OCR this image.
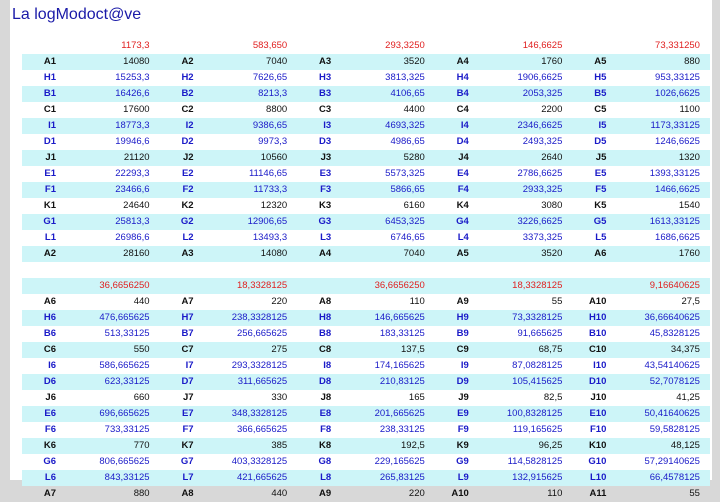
La logModoct@ve
1173,3	583,650	293,3250	146,6625	73,331250
A1	14080	A2	7040	A3	3520	A4	1760	A5	880
H1	15253,3	H2	7626,65	H3	3813,325	H4	1906,6625	H5	953,33125
B1	16426,6	B2	8213,3	B3	4106,65	B4	2053,325	B5	1026,6625
C1	17600	C2	8800	C3	4400	C4	2200	C5	1100
I1	18773,3	I2	9386,65	I3	4693,325	I4	2346,6625	I5	1173,33125
D1	19946,6	D2	9973,3	D3	4986,65	D4	2493,325	D5	1246,6625
J1	21120	J2	10560	J3	5280	J4	2640	J5	1320
E1	22293,3	E2	11146,65	E3	5573,325	E4	2786,6625	E5	1393,33125
F1	23466,6	F2	11733,3	F3	5866,65	F4	2933,325	F5	1466,6625
K1	24640	K2	12320	K3	6160	K4	3080	K5	1540
G1	25813,3	G2	12906,65	G3	6453,325	G4	3226,6625	G5	1613,33125
L1	26986,6	L2	13493,3	L3	6746,65	L4	3373,325	L5	1686,6625
A2	28160	A3	14080	A4	7040	A5	3520	A6	1760
36,6656250	18,3328125	36,6656250	18,3328125	9,16640625
A6	440	A7	220	A8	110	A9	55	A10	27,5
H6	476,665625	H7	238,3328125	H8	146,665625	H9	73,3328125	H10	36,66640625
B6	513,33125	B7	256,665625	B8	183,33125	B9	91,665625	B10	45,8328125
C6	550	C7	275	C8	137,5	C9	68,75	C10	34,375
I6	586,665625	I7	293,3328125	I8	174,165625	I9	87,0828125	I10	43,54140625
D6	623,33125	D7	311,665625	D8	210,83125	D9	105,415625	D10	52,7078125
J6	660	J7	330	J8	165	J9	82,5	J10	41,25
E6	696,665625	E7	348,3328125	E8	201,665625	E9	100,8328125	E10	50,41640625
F6	733,33125	F7	366,665625	F8	238,33125	F9	119,165625	F10	59,5828125
K6	770	K7	385	K8	192,5	K9	96,25	K10	48,125
G6	806,665625	G7	403,3328125	G8	229,165625	G9	114,5828125	G10	57,29140625
L6	843,33125	L7	421,665625	L8	265,83125	L9	132,915625	L10	66,4578125
A7	880	A8	440	A9	220	A10	110	A11	55
